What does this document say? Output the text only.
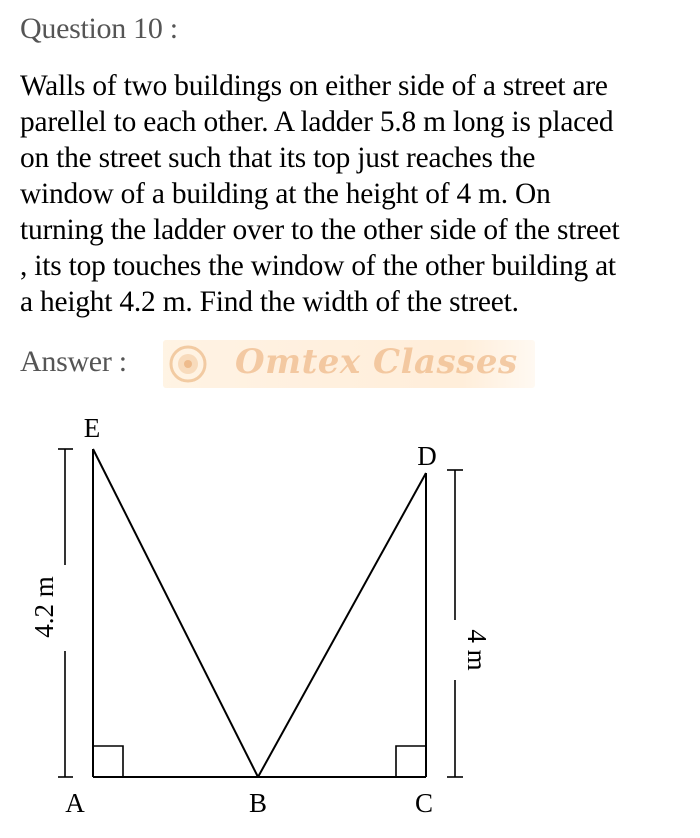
Question 10 :

Walls of two buildings on either side of a street are
parellel to each other. A ladder 5.8 m long is placed
on the street such that its top just reaches the
window of a building at the height of 4 m. On
turning the ladder over to the other side of the street
, its top touches the window of the other building at
a height 4.2 m. Find the width of the street.

Answer :	Omtex Classes
4.2 m
4 m
E
D
A	B	C
